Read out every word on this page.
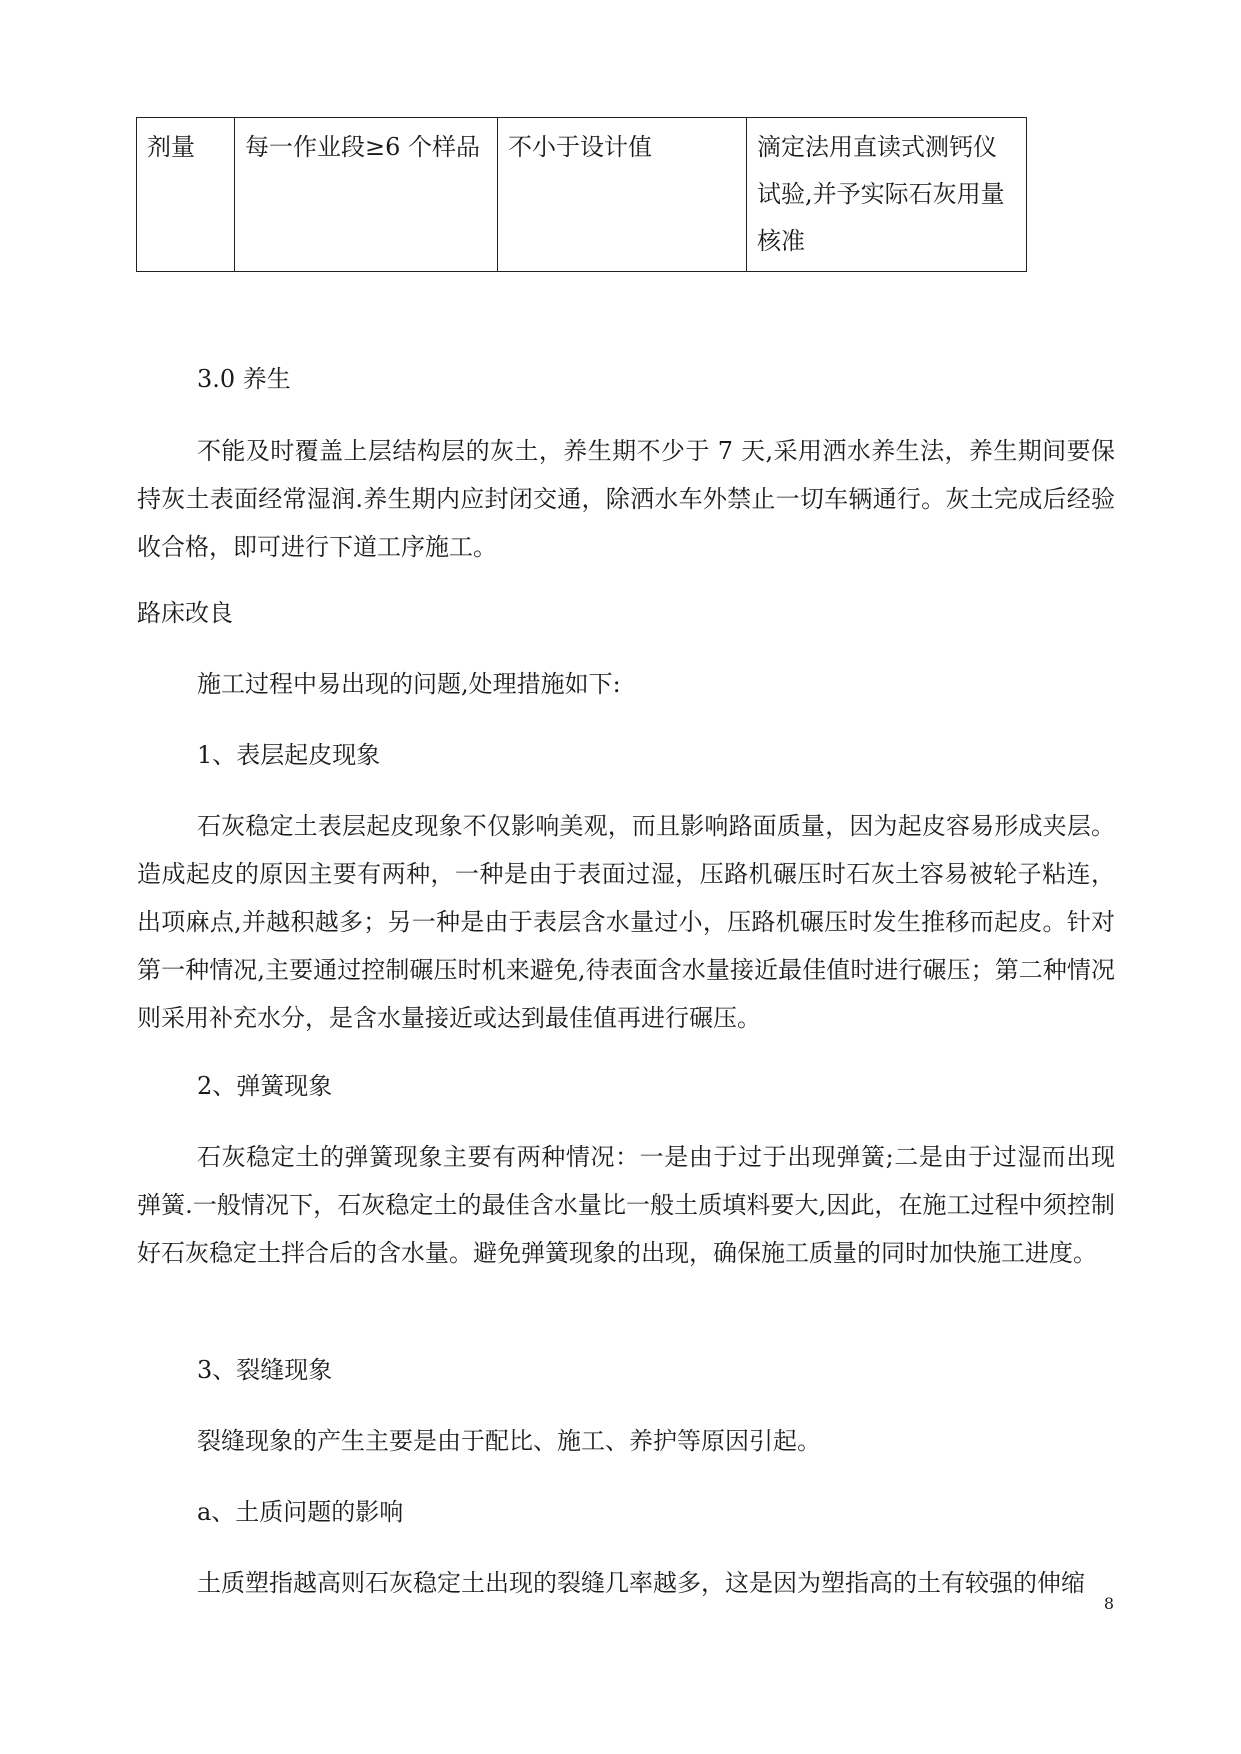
剂量	每一作业段≥6 个样品	不小于设计值	滴定法用直读式测钙仪试验,并予实际石灰用量核准

3.0 养生

不能及时覆盖上层结构层的灰土，养生期不少于 7 天,采用洒水养生法，养生期间要保持灰土表面经常湿润.养生期内应封闭交通，除洒水车外禁止一切车辆通行。灰土完成后经验收合格，即可进行下道工序施工。

路床改良

施工过程中易出现的问题,处理措施如下:

1、表层起皮现象

石灰稳定土表层起皮现象不仅影响美观，而且影响路面质量，因为起皮容易形成夹层。造成起皮的原因主要有两种，一种是由于表面过湿，压路机碾压时石灰土容易被轮子粘连，出项麻点,并越积越多；另一种是由于表层含水量过小，压路机碾压时发生推移而起皮。针对第一种情况,主要通过控制碾压时机来避免,待表面含水量接近最佳值时进行碾压；第二种情况则采用补充水分，是含水量接近或达到最佳值再进行碾压。

2、弹簧现象

石灰稳定土的弹簧现象主要有两种情况：一是由于过于出现弹簧;二是由于过湿而出现弹簧.一般情况下，石灰稳定土的最佳含水量比一般土质填料要大,因此，在施工过程中须控制好石灰稳定土拌合后的含水量。避免弹簧现象的出现，确保施工质量的同时加快施工进度。

3、裂缝现象

裂缝现象的产生主要是由于配比、施工、养护等原因引起。

a、土质问题的影响

土质塑指越高则石灰稳定土出现的裂缝几率越多，这是因为塑指高的土有较强的伸缩

8
